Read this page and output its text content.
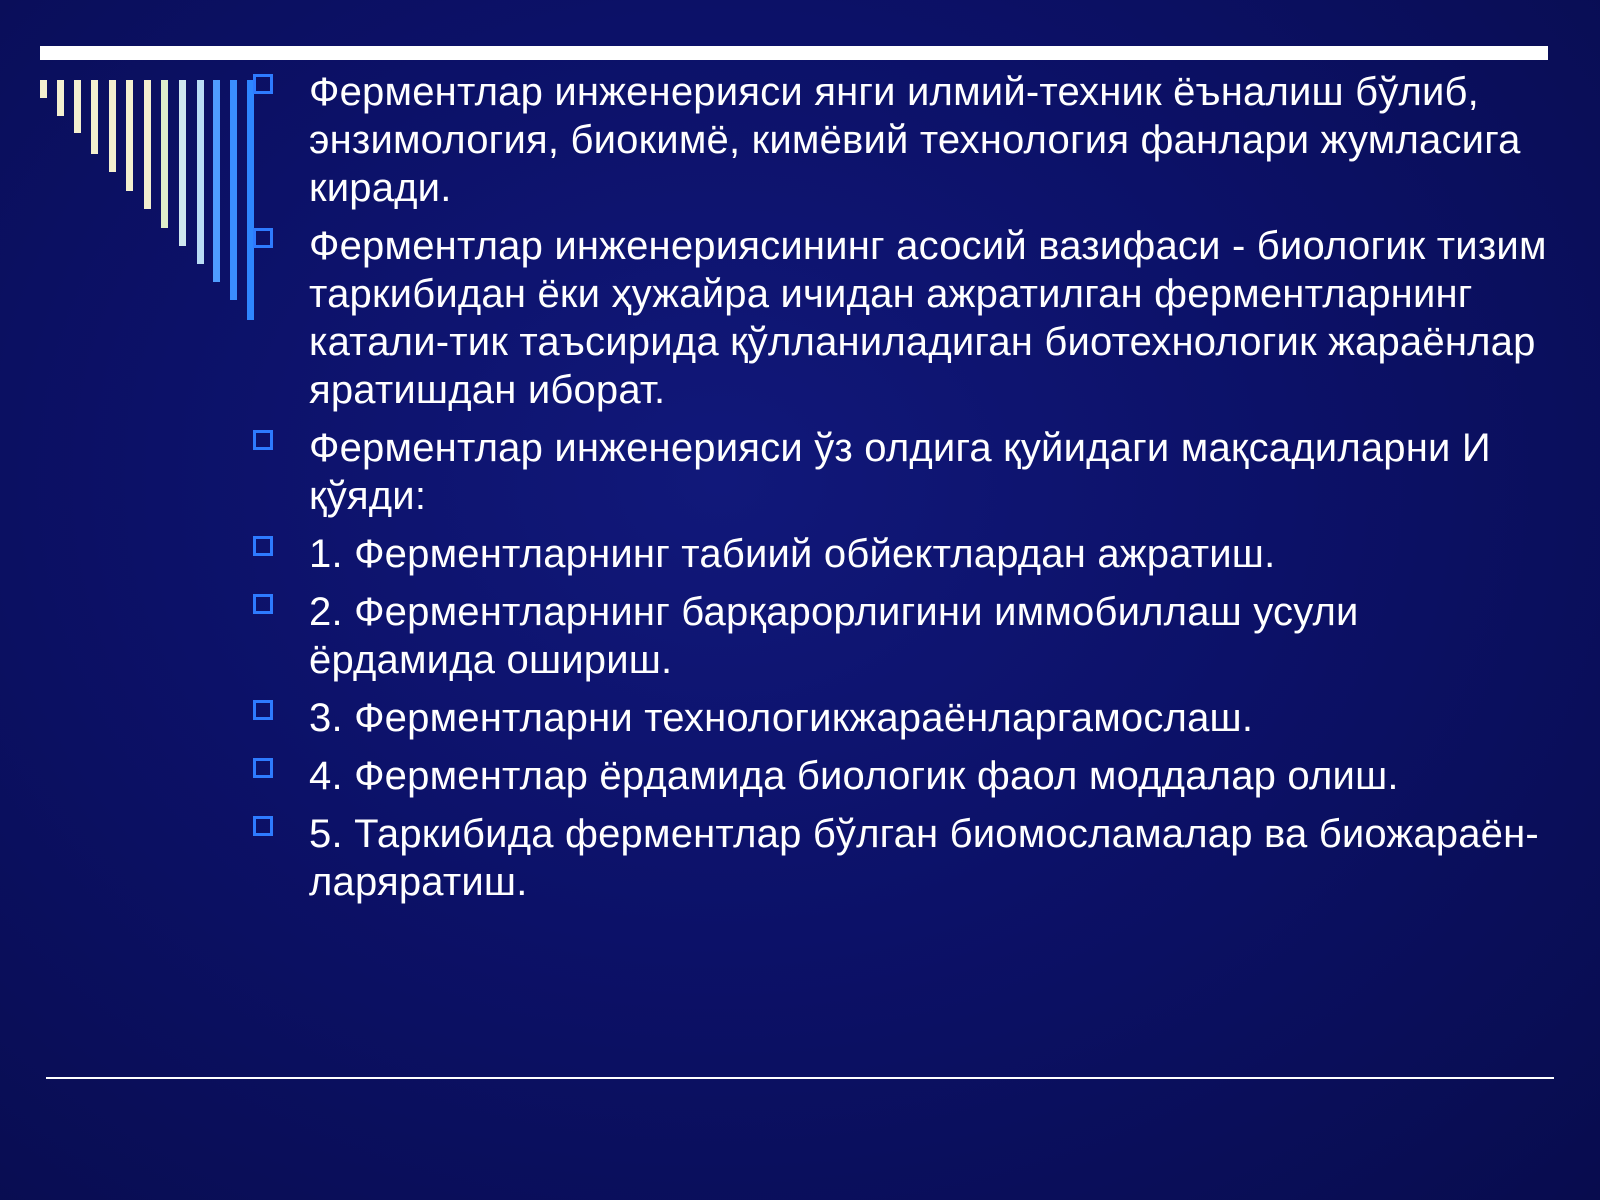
Ферментлар инженерияси янги илмий-техник ёъналиш бўлиб, энзимология, биокимё, кимёвий технология фанлари жумласига киради.
Ферментлар инженериясининг асосий вазифаси - биологик тизим таркибидан ёки ҳужайра ичидан ажратилган ферментларнинг катали-тик таъсирида қўлланиладиган биотехнологик жараёнлар яратишдан иборат.
Ферментлар инженерияси ўз олдига қуйидаги мақсадиларни И қўяди:
1. Ферментларнинг табиий обйектлардан ажратиш.
2. Ферментларнинг барқарорлигини иммобиллаш усули ёрдамида ошириш.
3. Ферментларни технологикжараёнларгамослаш.
4. Ферментлар ёрдамида биологик фаол моддалар олиш.
5. Таркибида ферментлар бўлган биомосламалар ва биожараён-ларяратиш.
